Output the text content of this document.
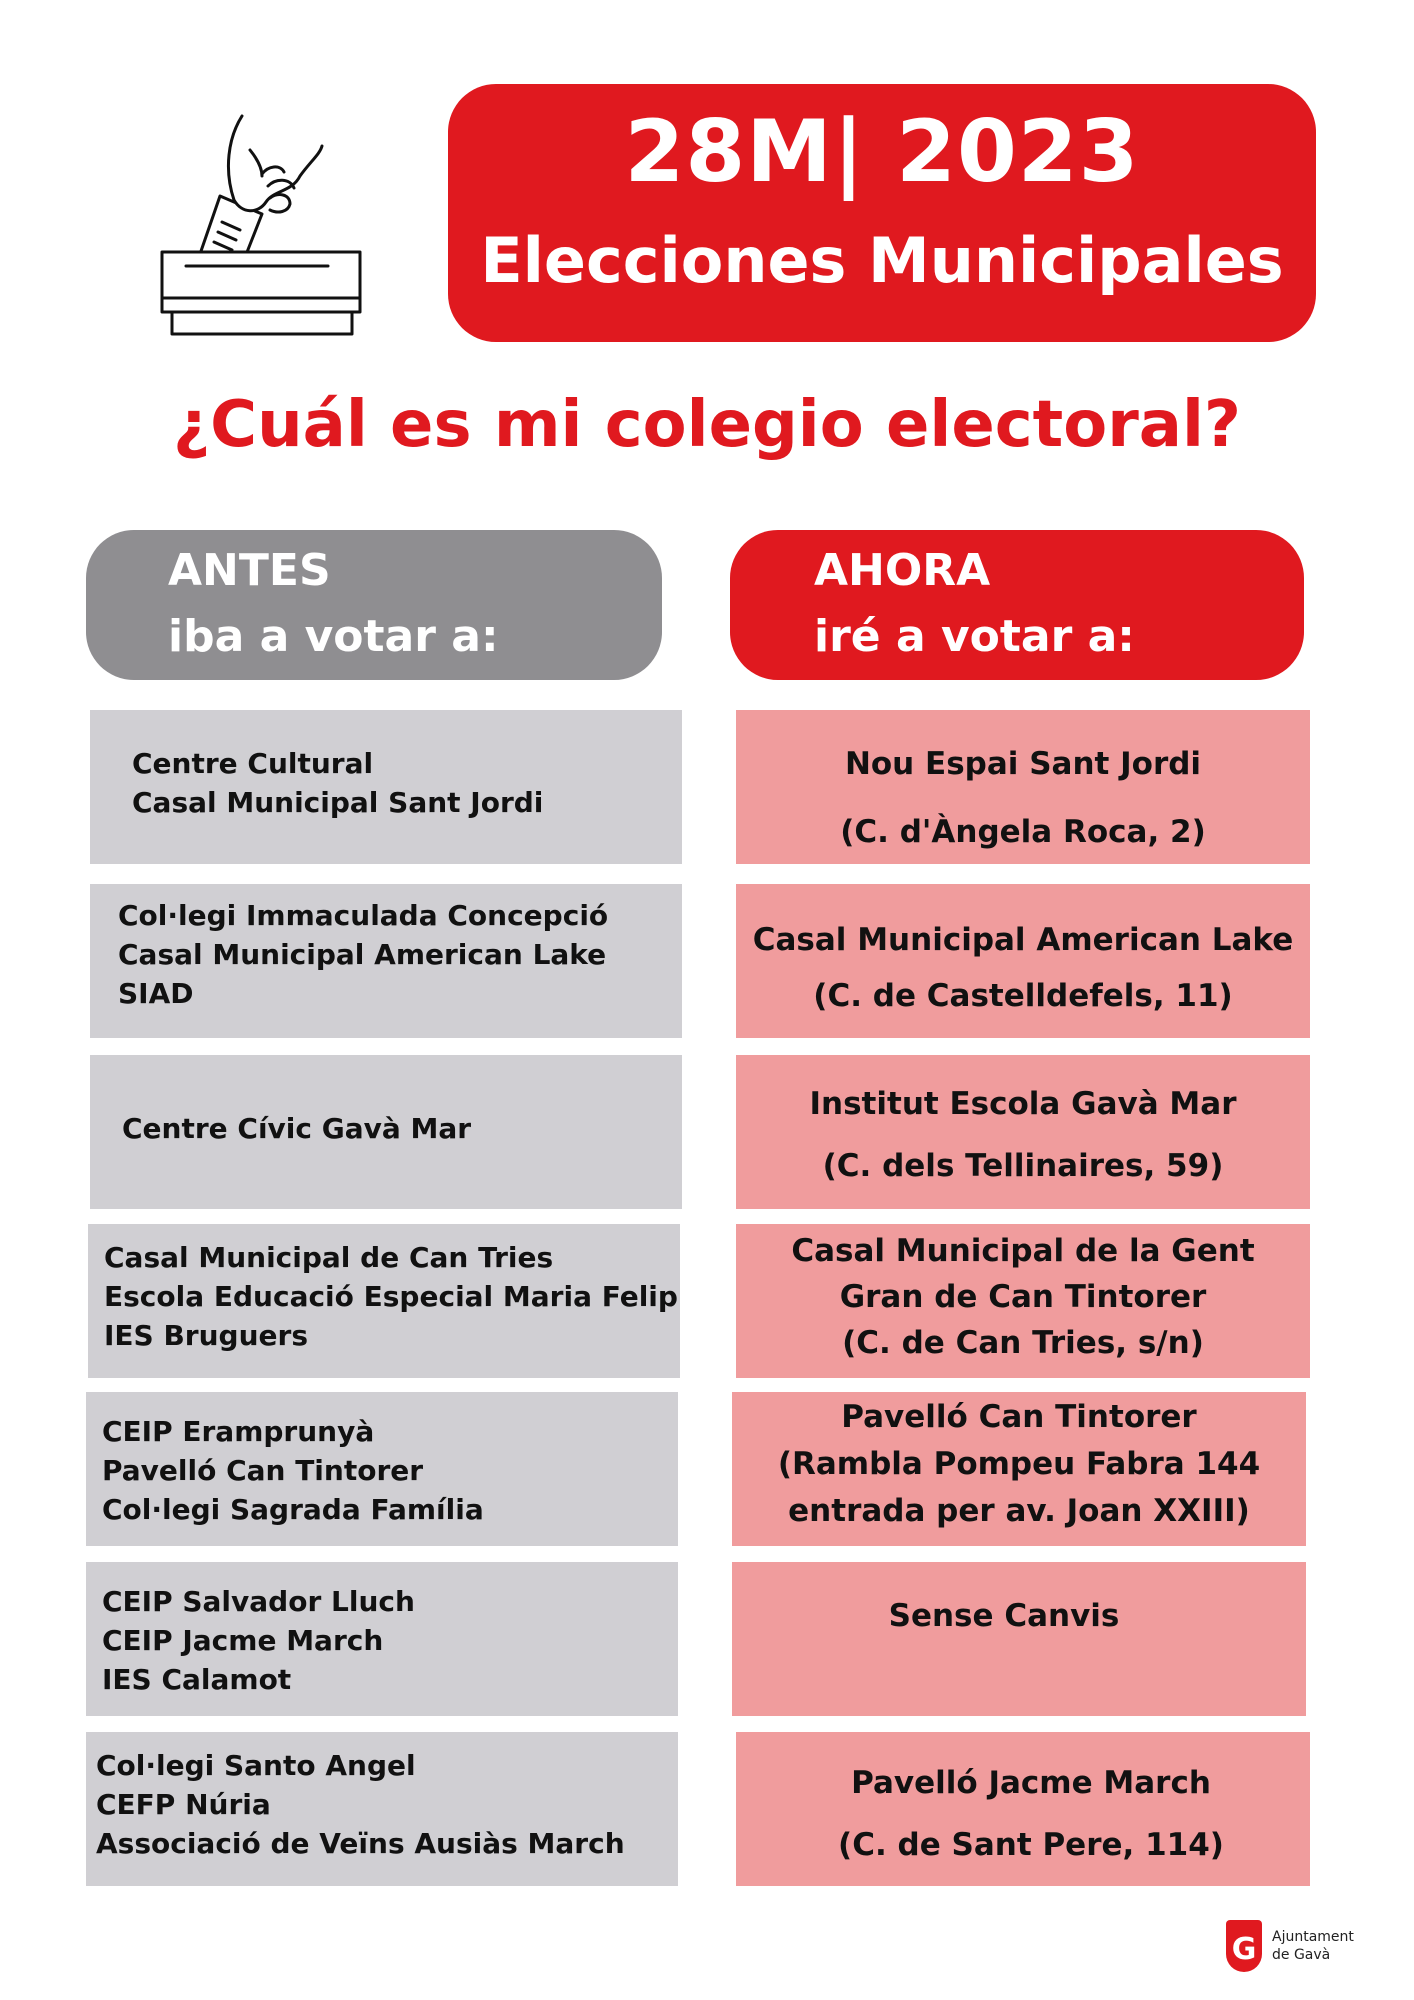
28M| 2023
Elecciones Municipales
¿Cuál es mi colegio electoral?
ANTES
iba a votar a:
AHORA
iré a votar a:
Centre Cultural
Casal Municipal Sant Jordi
Nou Espai Sant Jordi
(C. d'Àngela Roca, 2)
Col·legi Immaculada Concepció
Casal Municipal American Lake
SIAD
Casal Municipal American Lake
(C. de Castelldefels, 11)
Centre Cívic Gavà Mar
Institut Escola Gavà Mar
(C. dels Tellinaires, 59)
Casal Municipal de Can Tries
Escola Educació Especial Maria Felip
IES Bruguers
Casal Municipal de la Gent
Gran de Can Tintorer
(C. de Can Tries, s/n)
CEIP Eramprunyà
Pavelló Can Tintorer
Col·legi Sagrada Família
Pavelló Can Tintorer
(Rambla Pompeu Fabra 144
entrada per av. Joan XXIII)
CEIP Salvador Lluch
CEIP Jacme March
IES Calamot
Sense Canvis
Col·legi Santo Angel
CEFP Núria
Associació de Veïns Ausiàs March
Pavelló Jacme March
(C. de Sant Pere, 114)
G	Ajuntament
de Gavà
